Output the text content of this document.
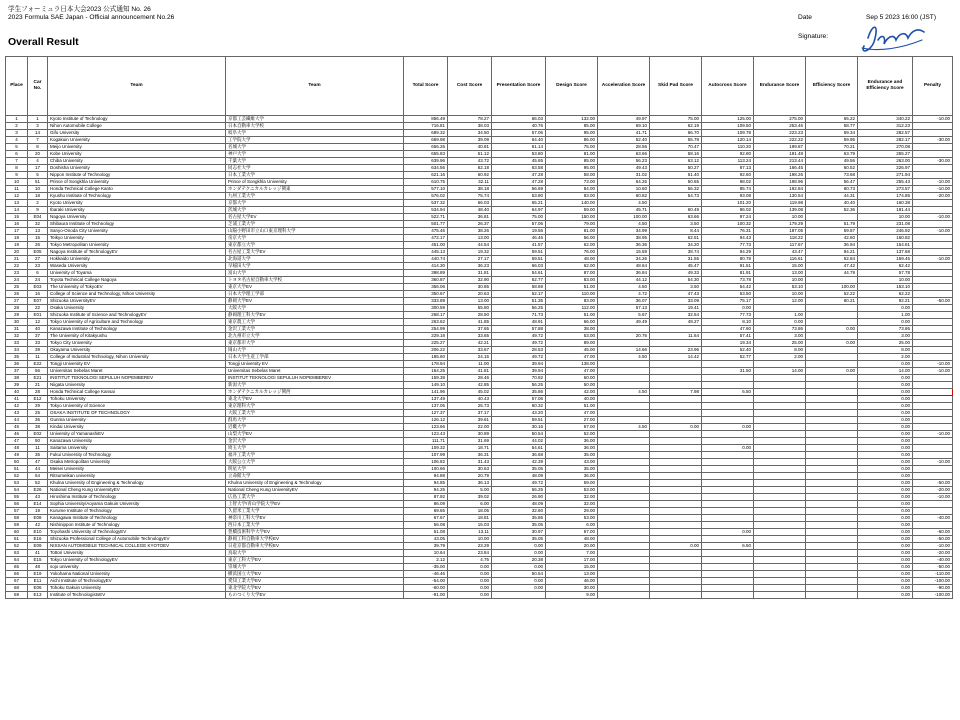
学生フォーミュラ日本大会2023 公式通知 No. 26
2023 Formula SAE Japan - Official announcement No.26
Overall Result
Date	Sep 5 2023 16:00 (JST)
Signature:
Place	Car No.	Team	Team	Total Score	Cost Score	Presentation Score	Design Score	Acceleration Score	Skid Pad Score	Autocross Score	Endurance Score	Efficiency Score	Endurance and Efficiency Score	Penalty
1	1	Kyoto Institute of Technology	京都工芸繊維大学	856.49	78.27	66.03	132.00	49.97	75.00	125.00	275.00	65.22	340.22	-10.00
2	3	Nihon Automobile College	日本自動車大学校	716.81	38.03	40.76	85.00	69.10	62.19	109.50	253.46	58.77	312.23	
3	14	Gifu University	岐阜大学	689.32	34.50	57.06	95.00	41.71	66.70	109.78	223.23	59.34	282.57	
4	7	Kogakuin University	工学院大学	669.98	39.09	64.40	86.00	52.40	55.78	120.14	222.22	59.95	282.17	-30.00
5	8	Meijo University	名城大学	656.26	40.81	61.14	75.00	28.56	70.47	110.20	199.87	70.21	270.08	
6	20	Kobe University	神戸大学	655.83	51.12	53.80	81.00	63.66	58.16	92.80	191.48	63.79	255.27	
7	4	Chiba University	千葉大学	639.96	43.72	45.65	85.00	56.23	63.12	113.24	213.44	49.56	263.00	-30.00
8	17	Doshisha University	同志社大学	634.56	62.18	63.58	95.00	49.43	50.27	87.13	166.45	60.52	226.97	
9	5	Nippon Institute of Technology	日本工業大学	621.16	60.92	47.28	58.00	31.02	51.40	92.60	198.26	73.68	271.94	
10	51	Prince of Songkhla University	Prince of Songkhla University	610.75	32.11	47.28	73.00	64.26	50.65	98.02	198.96	56.47	255.43	-10.00
11	10	Honda Technical College Kanto	ホンダテクニカルカレッジ関東	577.10	38.18	56.69	84.00	10.60	56.32	85.74	192.84	80.73	273.57	-10.00
12	18	Kyushu Institute of Technology	九州工業大学	576.02	75.74	53.80	83.00	60.82	54.73	93.08	130.54	44.31	174.85	-20.00
13	2	Kyoto University	京都大学	537.32	66.03	65.21	140.00	4.50		101.20	119.98	40.40	160.38	
14	9	Ibaraki University	茨城大学	534.94	48.40	64.97	59.00	45.71	60.49	86.02	139.08	52.36	191.44	
15	E04	Nagoya University	名古屋大学EV	522.71	36.81	75.00	150.00	100.00	63.66	97.24	10.00		10.00	-10.00
16	32	Shibaura Institute of Technology	芝浦工業大学	501.77	26.37	57.06	79.00	4.50	3.50	100.32	179.29	51.79	231.08	
17	13	Sanyo-Onoda City University	山陽小野田市立山口東京理科大学	475.46	38.26	19.56	81.00	34.99	8.44	76.31	187.05	59.87	246.92	-10.00
18	15	Teikyo University	帝京大学	472.17	13.00	46.46	56.00	38.95	62.51	94.43	118.22	42.60	160.82	
19	26	Tokyo Metropolitan University	東京都立大学	451.00	44.54	41.57	62.00	36.36	34.20	77.73	117.67	36.94	154.61	
20	E05	Nagoya Institute of TechnologyEV	名古屋工業大学EV	445.13	19.32	59.51	76.00	15.59	38.74	94.29	43.47	94.21	137.68	
21	27	Hokkaido University	北海道大学	440.74	27.17	59.51	48.00	34.26	31.55	80.78	116.61	52.84	169.45	-10.00
22	23	Waseda University	早稲田大学	414.30	36.23	66.03	62.00	48.64	45.47	91.51	15.00	47.42	62.42	
23	6	University of Toyama	富山大学	398.89	31.81	54.61	87.00	36.84	49.33	81.91	13.00	44.79	57.78	
24	24	Toyota Technical College Nagoya	トヨタ名古屋自動車大学校	360.87	32.90	62.77	83.00	44.12	54.30	73.78	10.00		10.00	
25	E03	The University of TokyoEV	東京大学EV	356.06	30.85	58.69	51.00	4.50	3.50	54.42	53.10	100.00	153.10	
26	16	College of Science and Technology, Nihon University	日本大学理工学部	350.67	20.63	52.17	110.00	4.72	47.43	53.50	10.00	52.22	62.22	
27	E07	Shizuoka UniversityEV	静岡大学EV	333.89	13.00	51.35	83.00	36.07	33.09	75.17	12.00	80.21	92.21	-50.00
28	22	Osaka University	大阪大学	300.59	55.80	56.25	112.00	57.13	19.41	0.00			0.00	
29	E01	Shizuoka Institute of Science and TechnologyEV	静岡理工科大学EV	268.17	28.50	71.73	51.00	5.67	32.54	77.73	1.00		1.00	
30	12	Tokyo University of Agriculture and Technology	東京農工大学	263.62	41.85	48.91	66.00	49.49	49.27	8.10	0.00		0.00	
31	40	Kanazawa Institute of Technology	金沢工業大学	254.99	37.65	57.88	38.00			47.60	73.86	0.00	73.86	
32	37	The University of Kitakyushu	北九州市立大学	229.18	33.65	49.72	53.00	20.76	11.64	57.41	3.00		3.00	
33	33	Tokyo City University	東京都市大学	225.27	42.21	49.72	89.00			19.34	25.00	0.00	25.00	
34	39	Okayama University	岡山大学	206.22	33.67	28.53	45.00	14.66	23.96	52.40	8.00		8.00	
35	11	College of Industrial Technology, Nihon University	日本大学生産工学部	185.60	24.15	49.72	47.00	4.50	14.42	52.77	2.00		2.00	
36	E22	Tongji University EV	Tongji University EV	178.94	11.00	39.94	138.00						0.00	-10.00
37	56	Universitas Sebelas Maret	Universitas Sebelas Maret	164.25	41.81	39.94	47.00			31.50	14.00	0.00	14.00	-10.00
38	E21	INSTITUT TEKNOLOGI SEPULUH NOPEMBEREV	INSTITUT TEKNOLOGI SEPULUH NOPEMBEREV	159.38	28.46	70.92	60.00						0.00	
39	21	Niigata University	新潟大学	149.10	42.85	56.25	50.00						0.00	
40	28	Honda Technical College Kansai	ホンダテクニカルカレッジ関西	141.96	45.02	35.86	42.00	4.50	7.98	6.50			0.00	
41	E12	Tohoku University	東北大学EV	137.49	40.43	57.06	40.00						0.00	
42	29	Tokyo University of Science	東京理科大学	137.05	25.73	60.32	51.00						0.00	
43	25	OSAKA INSTITUTE OF TECHNOLOGY	大阪工業大学	127.37	37.17	43.20	47.00						0.00	
44	36	Gunma University	群馬大学	126.12	39.61	59.51	27.00						0.00	
45	38	Kindai University	近畿大学	123.66	22.00	30.16	67.00	4.50	0.00	0.00			0.00	
46	E02	University of YamanashiEV	山梨大学EV	123.43	30.89	50.54	52.00						0.00	-10.00
47	50	Kanazawa University	金沢大学	111.71	31.69	44.02	36.00						0.00	
48	11	Saitama University	埼玉大学	109.32	18.71	54.61	36.00			0.00			0.00	
49	35	Fukui University of Technology	福井工業大学	107.99	36.31	36.68	35.00						0.00	
50	47	Osaka Metropolitan University	大阪公立大学	106.82	31.43	42.39	43.00						0.00	-10.00
51	44	Meisei University	明星大学	100.66	30.63	35.05	35.00						0.00	
52	54	Ritsumeikan university	立命館大学	94.88	20.79	48.09	36.00						0.00	
53	52	Khulna University of Engineering & Technology	Khulna University of Engineering & Technology	94.85	36.13	49.72	59.00						0.00	-50.00
54	E26	National Cheng Kung UniversityEV	National Cheng Kung UniversityEV	94.25	5.00	56.25	53.00						0.00	-20.00
55	43	Hiroshima Institute of Technology	広島工業大学	87.92	39.02	26.90	32.00						0.00	-10.00
56	E14	Sophia University/Aoyama Gakuin University	上智大学/青山学院大学EV	86.09	6.00	48.09	32.00						0.00	
57	19	Kurume Institute of Technology	久留米工業大学	69.65	18.05	32.60	29.00						0.00	
58	E08	Kanagawa Institute of Technology	神奈川工科大学EV	67.67	18.81	35.86	53.00						0.00	-40.00
59	42	Nishinippon Institute of Technology	西日本工業大学	56.08	15.03	35.05	6.00						0.00	
60	E10	Toyohashi University of TechnologyEV	豊橋技術科学大学EV	51.08	13.11	30.97	67.00			0.00			0.00	-60.00
61	E16	Shizuoka Professional College of Automobile TechnologyEV	静岡工科自動車大学校EV	43.05	10.00	35.05	48.00						0.00	-50.00
62	E09	NISSAN AUTOMOBILE TECHNICAL COLLEGE KYOTOEV	日産京都自動車大学校EV	39.79	23.29	0.00	20.00		0.00	6.50			0.00	-10.00
63	41	Tottori University	鳥取大学	10.64	23.84	0.00	7.00						0.00	-20.00
64	E15	Tokyo University of TechnologyEV	東京工科大学EV	2.12	4.75	20.38	17.00						0.00	-40.00
65	48	sojo university	崇城大学	-35.00	0.00	0.00	15.00						0.00	-50.00
66	E19	Yokohama National University	横浜国立大学EV	-46.46	0.00	50.54	13.00						0.00	-110.00
67	E11	Aichi Institute of TechnologyEV	愛知工業大学EV	-54.00	0.00	0.00	46.00						0.00	-100.00
68	E06	Tohoku Gakuin University	東北学院大学EV	-60.00	0.00	0.00	30.00						0.00	-90.00
69	E13	Institute of TechnologistsEV	ものつくり大学EV	-91.00	0.00		9.00						0.00	-100.00
